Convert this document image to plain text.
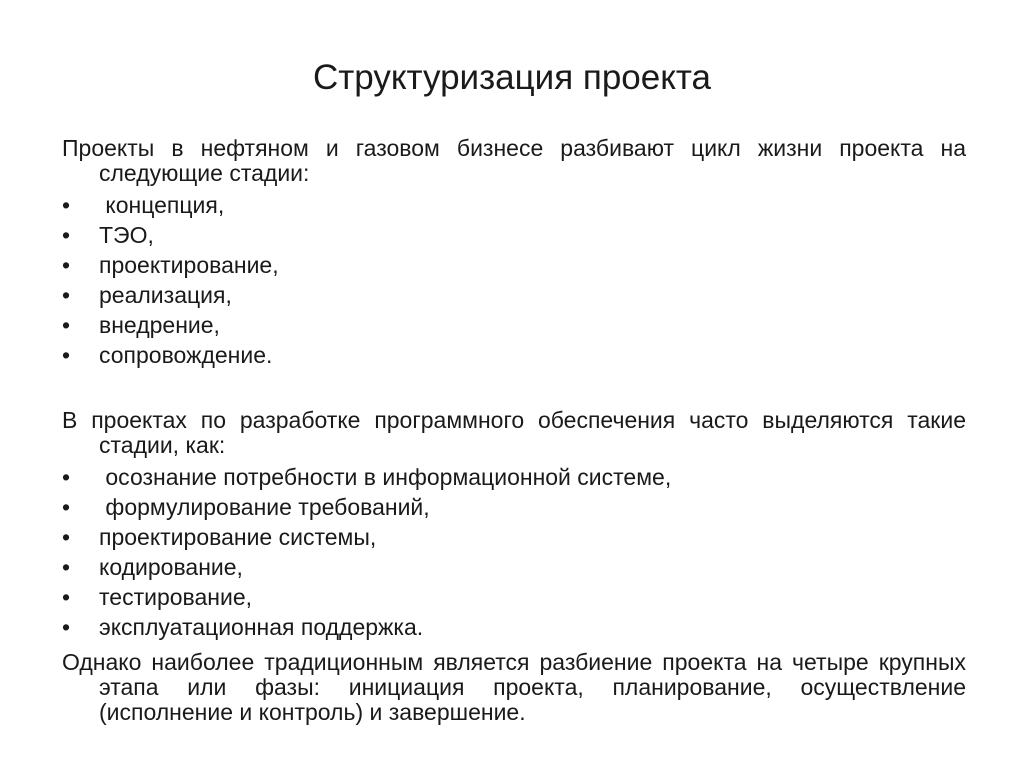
Структуризация проекта
Проекты в нефтяном и газовом бизнесе разбивают цикл жизни проекта на следующие стадии:
• концепция,
• ТЭО,
• проектирование,
• реализация,
• внедрение,
• сопровождение.
В проектах по разработке программного обеспечения часто выделяются такие стадии, как:
• осознание потребности в информационной системе,
• формулирование требований,
• проектирование системы,
• кодирование,
• тестирование,
• эксплуатационная поддержка.
Однако наиболее традиционным является разбиение проекта на четыре крупных этапа или фазы: инициация проекта, планирование, осуществление (исполнение и контроль) и завершение.
